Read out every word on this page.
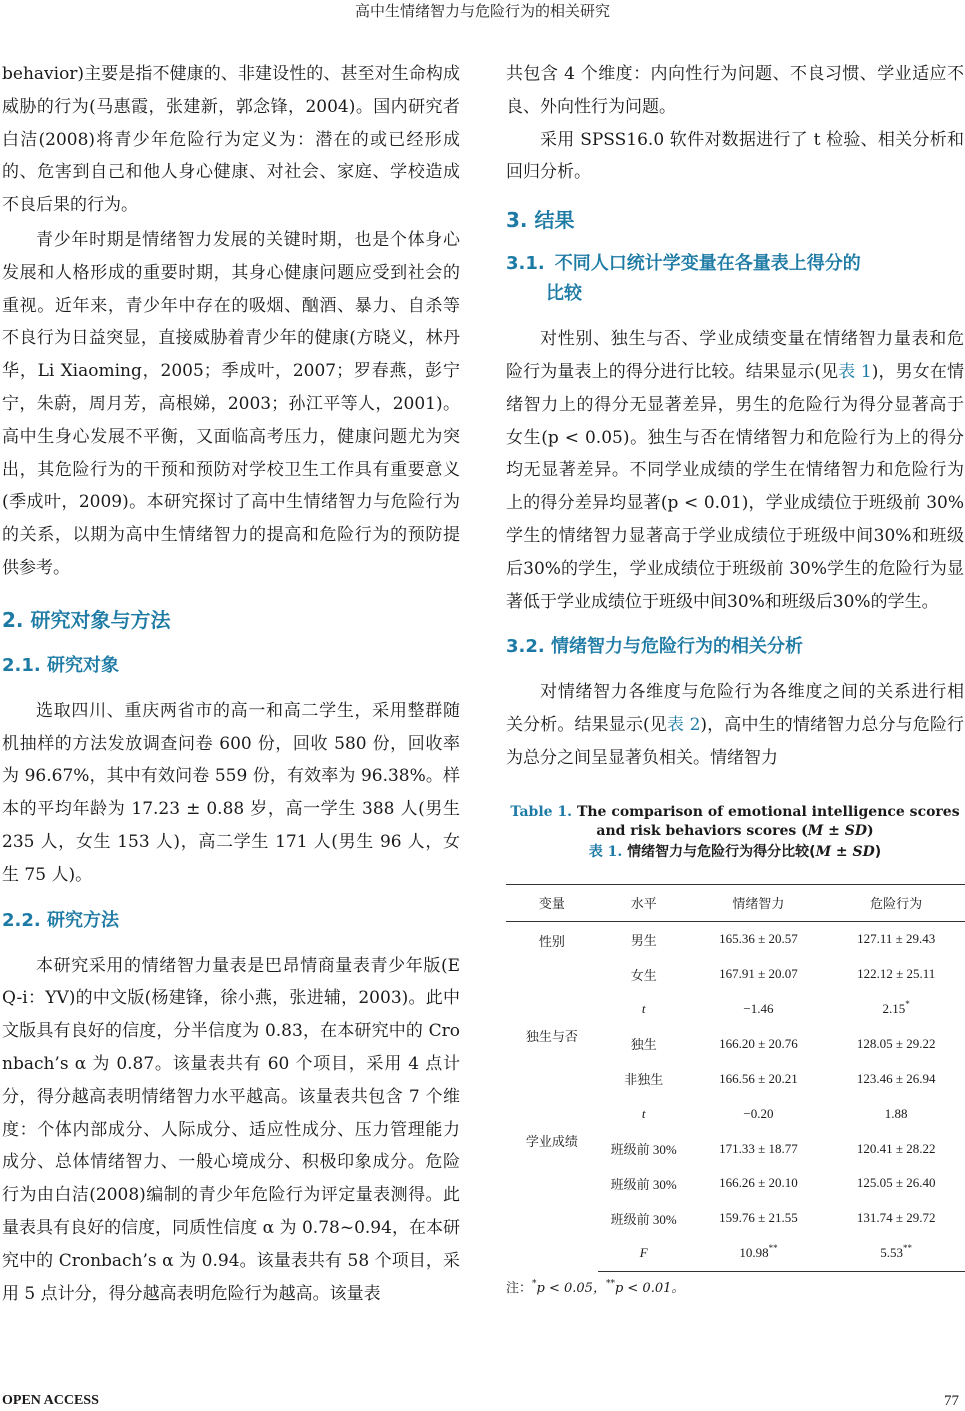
高中生情绪智力与危险行为的相关研究

behavior)主要是指不健康的、非建设性的、甚至对生命构成威胁的行为(马惠霞，张建新，郭念锋，2004)。国内研究者白洁(2008)将青少年危险行为定义为：潜在的或已经形成的、危害到自己和他人身心健康、对社会、家庭、学校造成不良后果的行为。

青少年时期是情绪智力发展的关键时期，也是个体身心发展和人格形成的重要时期，其身心健康问题应受到社会的重视。近年来，青少年中存在的吸烟、酗酒、暴力、自杀等不良行为日益突显，直接威胁着青少年的健康(方晓义，林丹华，Li Xiaoming，2005；季成叶，2007；罗春燕，彭宁宁，朱蔚，周月芳，高根娣，2003；孙江平等人，2001)。高中生身心发展不平衡，又面临高考压力，健康问题尤为突出，其危险行为的干预和预防对学校卫生工作具有重要意义(季成叶，2009)。本研究探讨了高中生情绪智力与危险行为的关系，以期为高中生情绪智力的提高和危险行为的预防提供参考。

2. 研究对象与方法

2.1. 研究对象

选取四川、重庆两省市的高一和高二学生，采用整群随机抽样的方法发放调查问卷 600 份，回收 580 份，回收率为 96.67%，其中有效问卷 559 份，有效率为 96.38%。样本的平均年龄为 17.23 ± 0.88 岁，高一学生 388 人(男生 235 人，女生 153 人)，高二学生 171 人(男生 96 人，女生 75 人)。

2.2. 研究方法

本研究采用的情绪智力量表是巴昂情商量表青少年版(EQ-i：YV)的中文版(杨建锋，徐小燕，张进辅，2003)。此中文版具有良好的信度，分半信度为 0.83，在本研究中的 Cronbach’s α 为 0.87。该量表共有 60 个项目，采用 4 点计分，得分越高表明情绪智力水平越高。该量表共包含 7 个维度：个体内部成分、人际成分、适应性成分、压力管理能力成分、总体情绪智力、一般心境成分、积极印象成分。危险行为由白洁(2008)编制的青少年危险行为评定量表测得。此量表具有良好的信度，同质性信度 α 为 0.78~0.94，在本研究中的 Cronbach’s α 为 0.94。该量表共有 58 个项目，采用 5 点计分，得分越高表明危险行为越高。该量表

共包含 4 个维度：内向性行为问题、不良习惯、学业适应不良、外向性行为问题。

采用 SPSS16.0 软件对数据进行了 t 检验、相关分析和回归分析。

3. 结果

3.1. 不同人口统计学变量在各量表上得分的
比较

对性别、独生与否、学业成绩变量在情绪智力量表和危险行为量表上的得分进行比较。结果显示(见表 1)，男女在情绪智力上的得分无显著差异，男生的危险行为得分显著高于女生(p < 0.05)。独生与否在情绪智力和危险行为上的得分均无显著差异。不同学业成绩的学生在情绪智力和危险行为上的得分差异均显著(p < 0.01)，学业成绩位于班级前 30%学生的情绪智力显著高于学业成绩位于班级中间30%和班级后30%的学生，学业成绩位于班级前 30%学生的危险行为显著低于学业成绩位于班级中间30%和班级后30%的学生。

3.2. 情绪智力与危险行为的相关分析

对情绪智力各维度与危险行为各维度之间的关系进行相关分析。结果显示(见表 2)，高中生的情绪智力总分与危险行为总分之间呈显著负相关。情绪智力

Table 1. The comparison of emotional intelligence scores and risk behaviors scores (M ± SD)

表 1. 情绪智力与危险行为得分比较(M ± SD)

变量	水平	情绪智力	危险行为
性别	男生	165.36 ± 20.57	127.11 ± 29.43
	女生	167.91 ± 20.07	122.12 ± 25.11
	t	−1.46	2.15*
独生与否	独生	166.20 ± 20.76	128.05 ± 29.22
	非独生	166.56 ± 20.21	123.46 ± 26.94
	t	−0.20	1.88
学业成绩	班级前 30%	171.33 ± 18.77	120.41 ± 28.22
	班级前 30%	166.26 ± 20.10	125.05 ± 26.40
	班级前 30%	159.76 ± 21.55	131.74 ± 29.72
	F	10.98**	5.53**

注：*p < 0.05，**p < 0.01。

OPEN ACCESS	77
